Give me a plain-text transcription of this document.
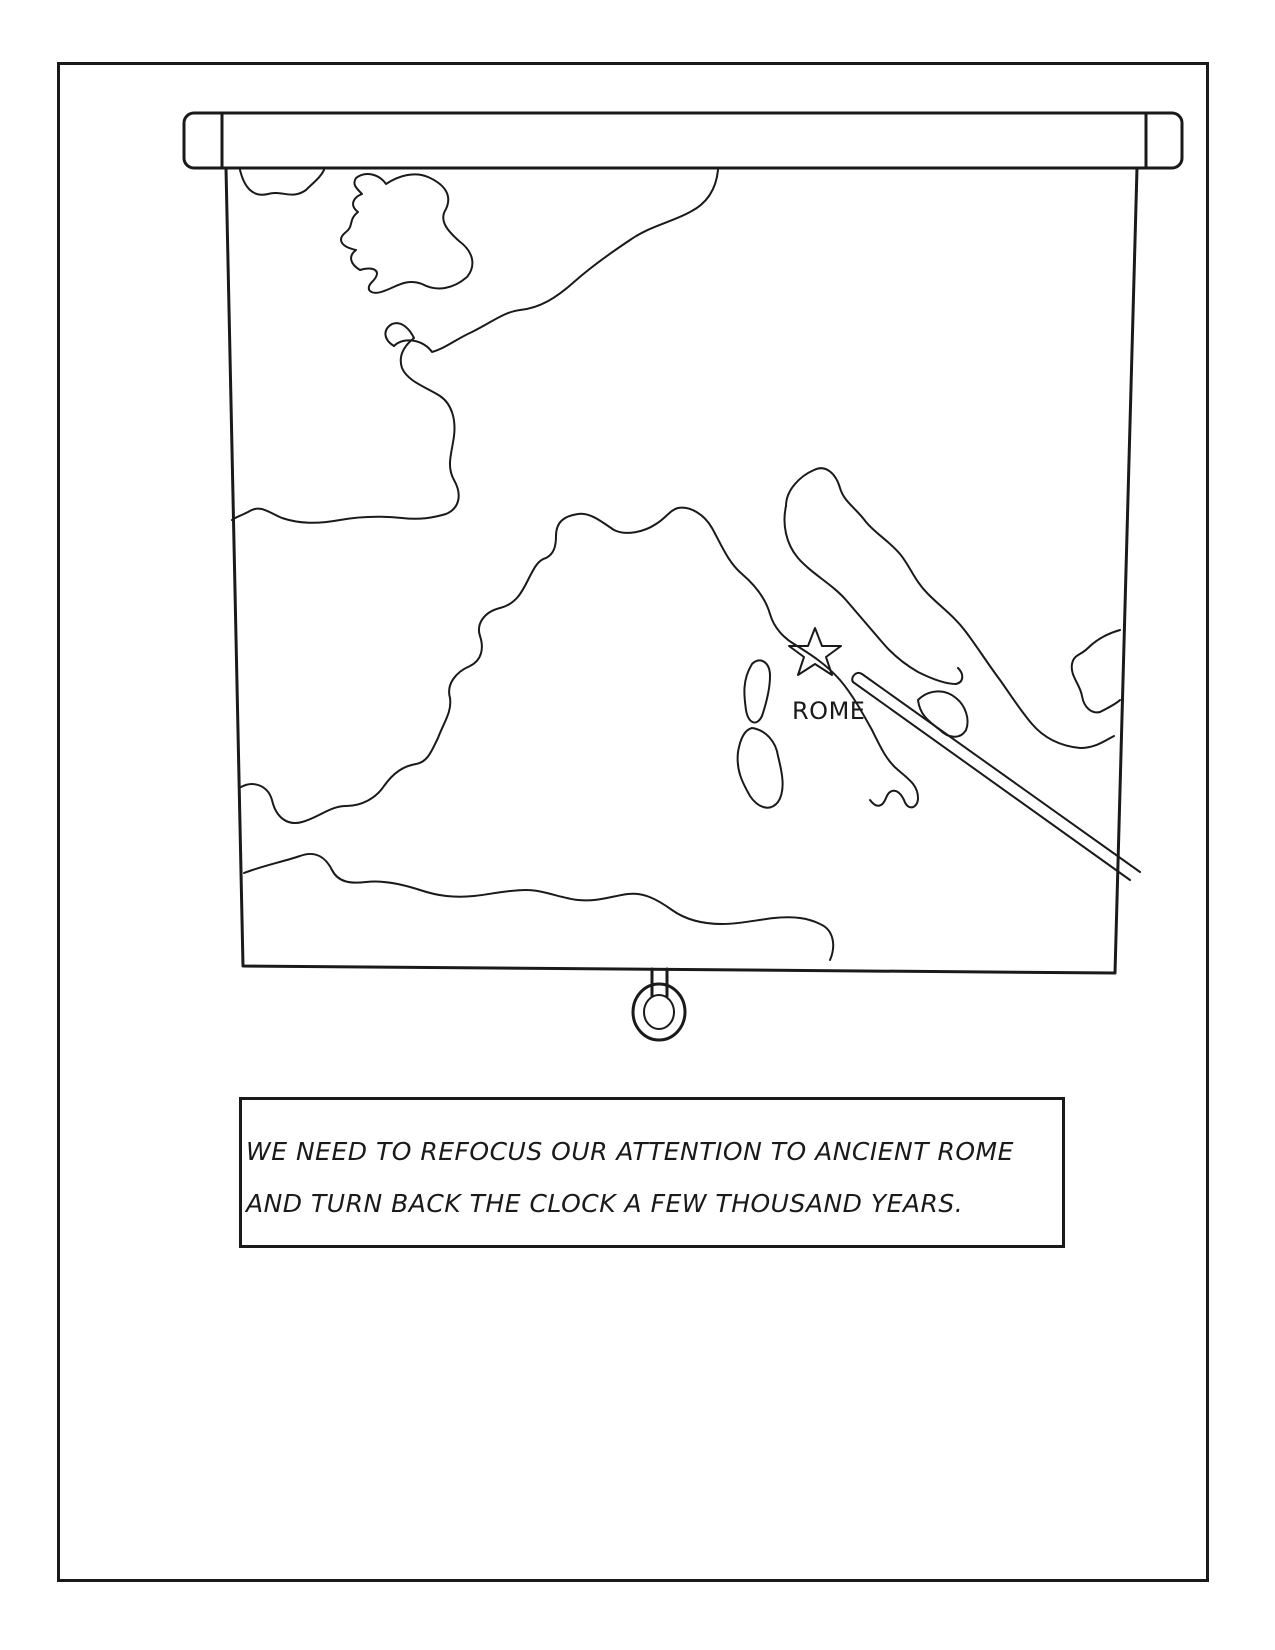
ROME
WE NEED TO REFOCUS OUR ATTENTION TO ANCIENT ROME
AND TURN BACK THE CLOCK A FEW THOUSAND YEARS.
